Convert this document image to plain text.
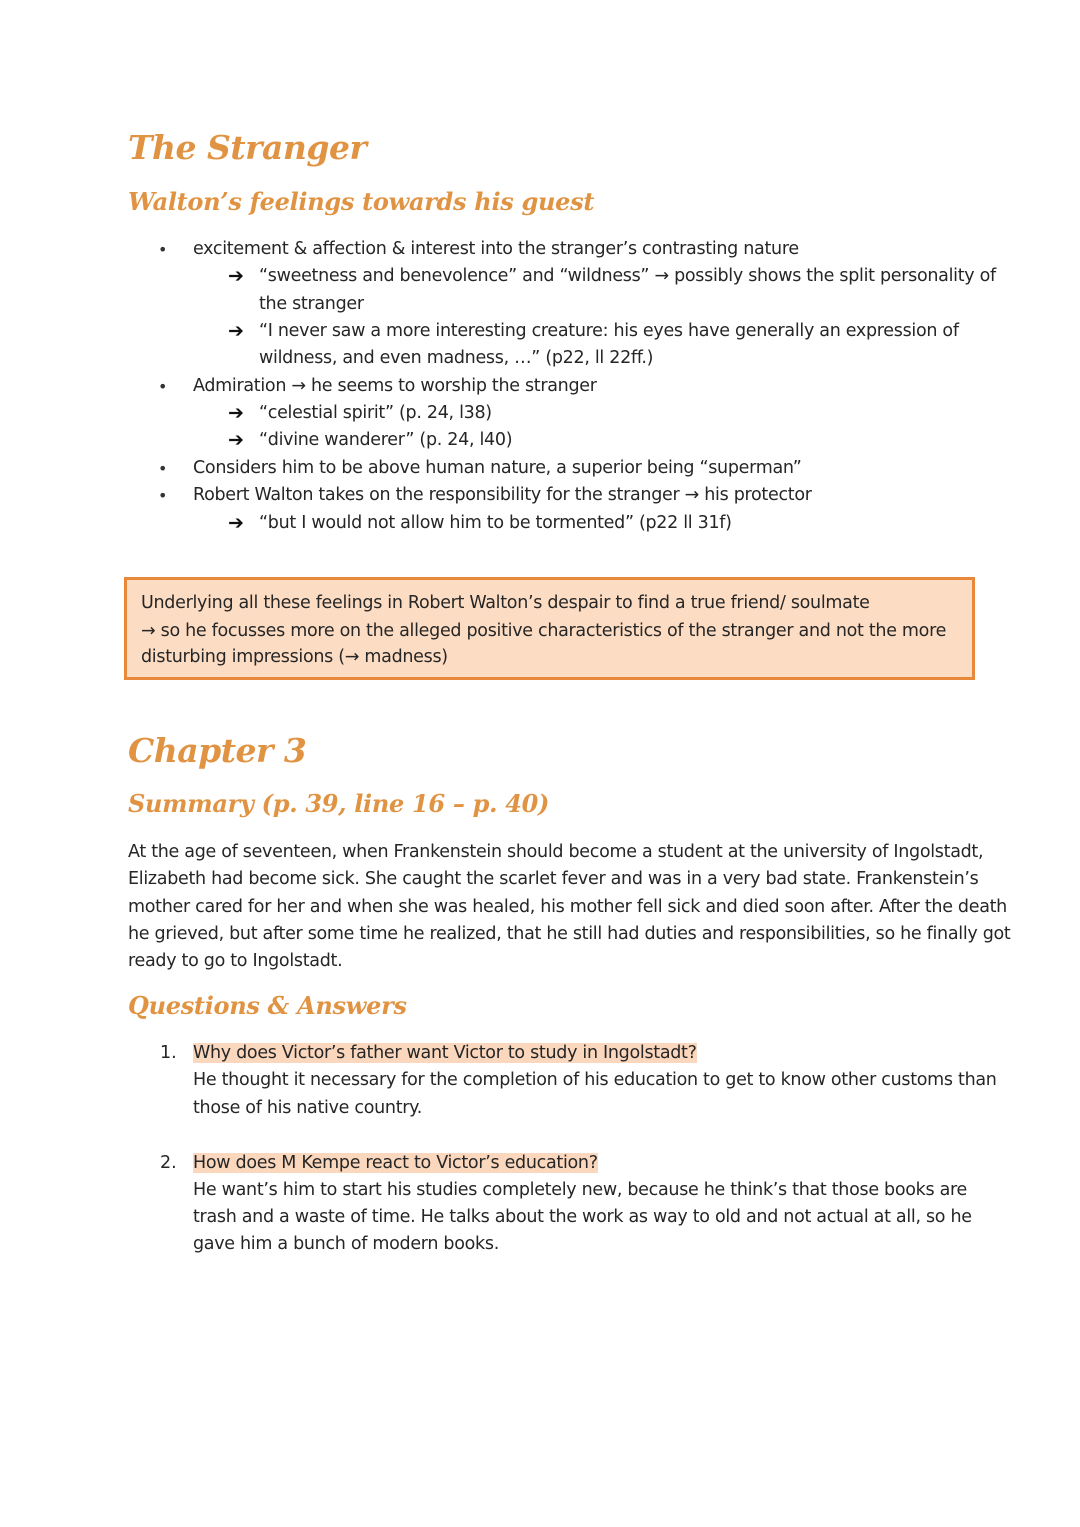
The Stranger
Walton’s feelings towards his guest
• excitement & affection & interest into the stranger’s contrasting nature
➔ “sweetness and benevolence” and “wildness” → possibly shows the split personality of
the stranger
➔ “I never saw a more interesting creature: his eyes have generally an expression of
wildness, and even madness, …” (p22, ll 22ff.)
• Admiration → he seems to worship the stranger
➔ “celestial spirit” (p. 24, l38)
➔ “divine wanderer” (p. 24, l40)
• Considers him to be above human nature, a superior being “superman”
• Robert Walton takes on the responsibility for the stranger → his protector
➔ “but I would not allow him to be tormented” (p22 ll 31f)
Underlying all these feelings in Robert Walton’s despair to find a true friend/ soulmate
→ so he focusses more on the alleged positive characteristics of the stranger and not the more
disturbing impressions (→ madness)
Chapter 3
Summary (p. 39, line 16 – p. 40)
At the age of seventeen, when Frankenstein should become a student at the university of Ingolstadt,
Elizabeth had become sick. She caught the scarlet fever and was in a very bad state. Frankenstein’s
mother cared for her and when she was healed, his mother fell sick and died soon after. After the death
he grieved, but after some time he realized, that he still had duties and responsibilities, so he finally got
ready to go to Ingolstadt.
Questions & Answers
1. Why does Victor’s father want Victor to study in Ingolstadt?
He thought it necessary for the completion of his education to get to know other customs than
those of his native country.
2. How does M Kempe react to Victor’s education?
He want’s him to start his studies completely new, because he think’s that those books are
trash and a waste of time. He talks about the work as way to old and not actual at all, so he
gave him a bunch of modern books.
